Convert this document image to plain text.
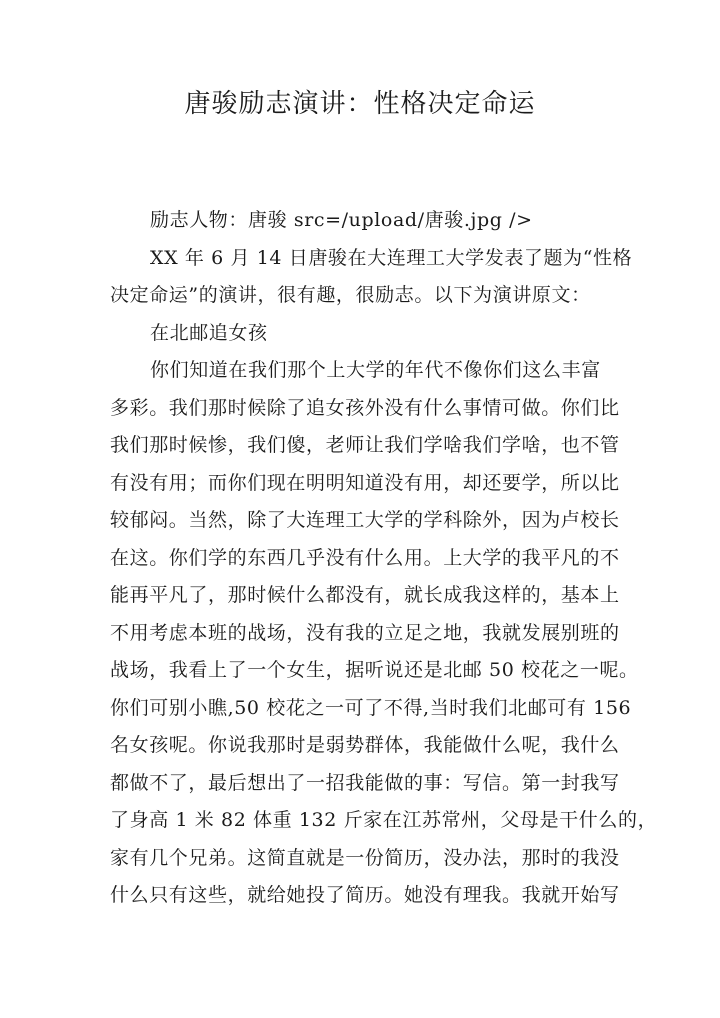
唐骏励志演讲：性格决定命运
励志人物：唐骏 src=/upload/唐骏.jpg />
XX 年 6 月 14 日唐骏在大连理工大学发表了题为“性格
决定命运”的演讲，很有趣，很励志。以下为演讲原文：
在北邮追女孩
你们知道在我们那个上大学的年代不像你们这么丰富
多彩。我们那时候除了追女孩外没有什么事情可做。你们比
我们那时候惨，我们傻，老师让我们学啥我们学啥，也不管
有没有用；而你们现在明明知道没有用，却还要学，所以比
较郁闷。当然，除了大连理工大学的学科除外，因为卢校长
在这。你们学的东西几乎没有什么用。上大学的我平凡的不
能再平凡了，那时候什么都没有，就长成我这样的，基本上
不用考虑本班的战场，没有我的立足之地，我就发展别班的
战场，我看上了一个女生，据听说还是北邮 50 校花之一呢。
你们可别小瞧,50 校花之一可了不得,当时我们北邮可有 156
名女孩呢。你说我那时是弱势群体，我能做什么呢，我什么
都做不了，最后想出了一招我能做的事：写信。第一封我写
了身高 1 米 82 体重 132 斤家在江苏常州，父母是干什么的，
家有几个兄弟。这简直就是一份简历，没办法，那时的我没
什么只有这些，就给她投了简历。她没有理我。我就开始写
